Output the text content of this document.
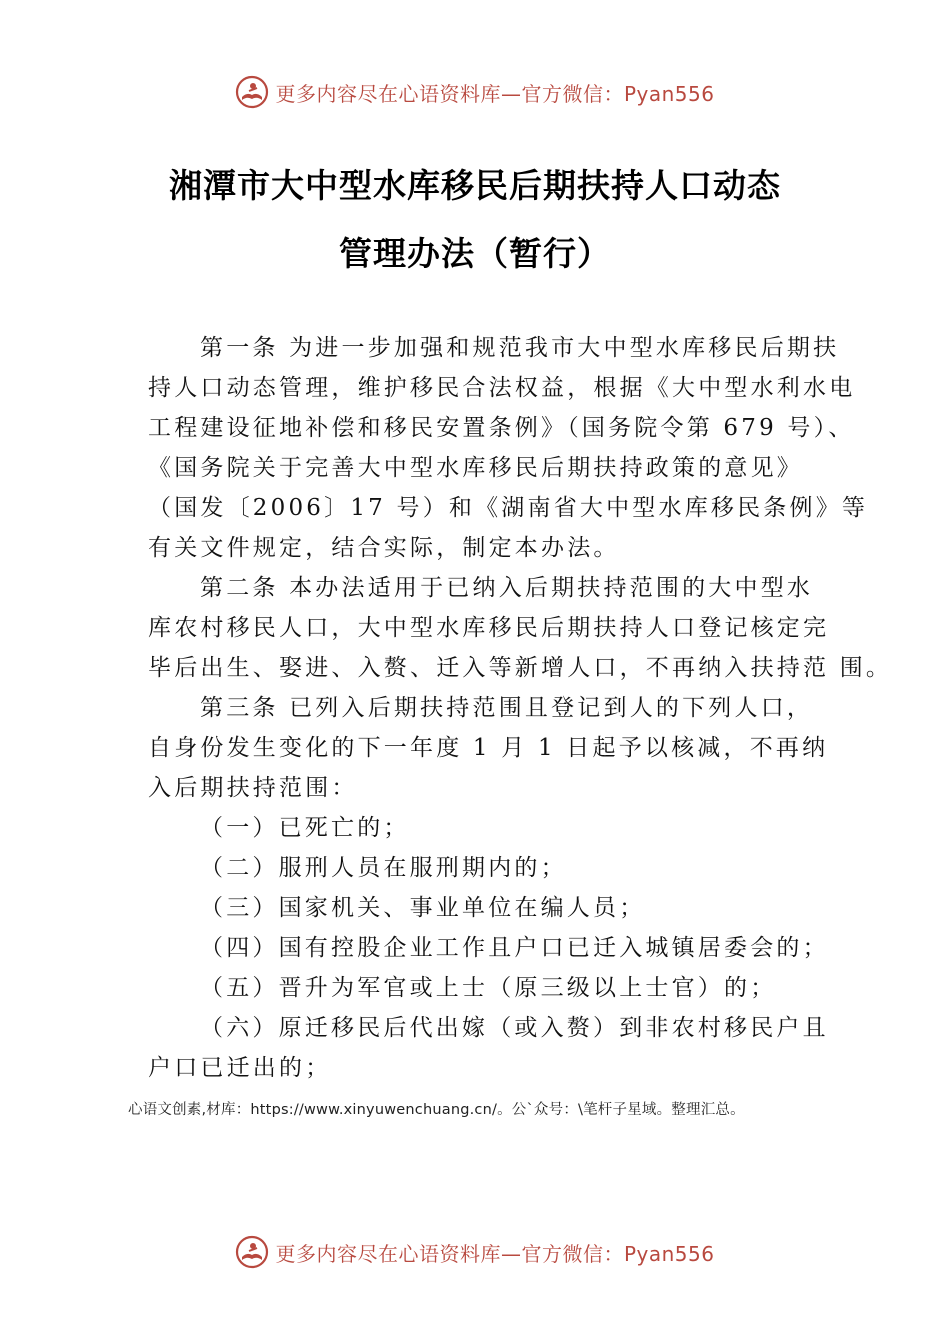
更多内容尽在心语资料库—官方微信：Pyan556
湘潭市大中型水库移民后期扶持人口动态
管理办法（暂行）
第一条 为进一步加强和规范我市大中型水库移民后期扶
持人口动态管理，维护移民合法权益，根据《大中型水利水电
工程建设征地补偿和移民安置条例》（国务院令第 679 号）、
《国务院关于完善大中型水库移民后期扶持政策的意见》
（国发〔2006〕17 号）和《湖南省大中型水库移民条例》等
有关文件规定，结合实际，制定本办法。
第二条 本办法适用于已纳入后期扶持范围的大中型水
库农村移民人口，大中型水库移民后期扶持人口登记核定完
毕后出生、娶进、入赘、迁入等新增人口，不再纳入扶持范 围。
第三条 已列入后期扶持范围且登记到人的下列人口，
自身份发生变化的下一年度 1 月 1 日起予以核减，不再纳
入后期扶持范围：
（一）已死亡的；
（二）服刑人员在服刑期内的；
（三）国家机关、事业单位在编人员；
（四）国有控股企业工作且户口已迁入城镇居委会的；
（五）晋升为军官或上士（原三级以上士官）的；
（六）原迁移民后代出嫁（或入赘）到非农村移民户且
户口已迁出的；
心语文创素,材库：https://www.xinyuwenchuang.cn/。公`众号：\笔杆子星域。整理汇总。
更多内容尽在心语资料库—官方微信：Pyan556
